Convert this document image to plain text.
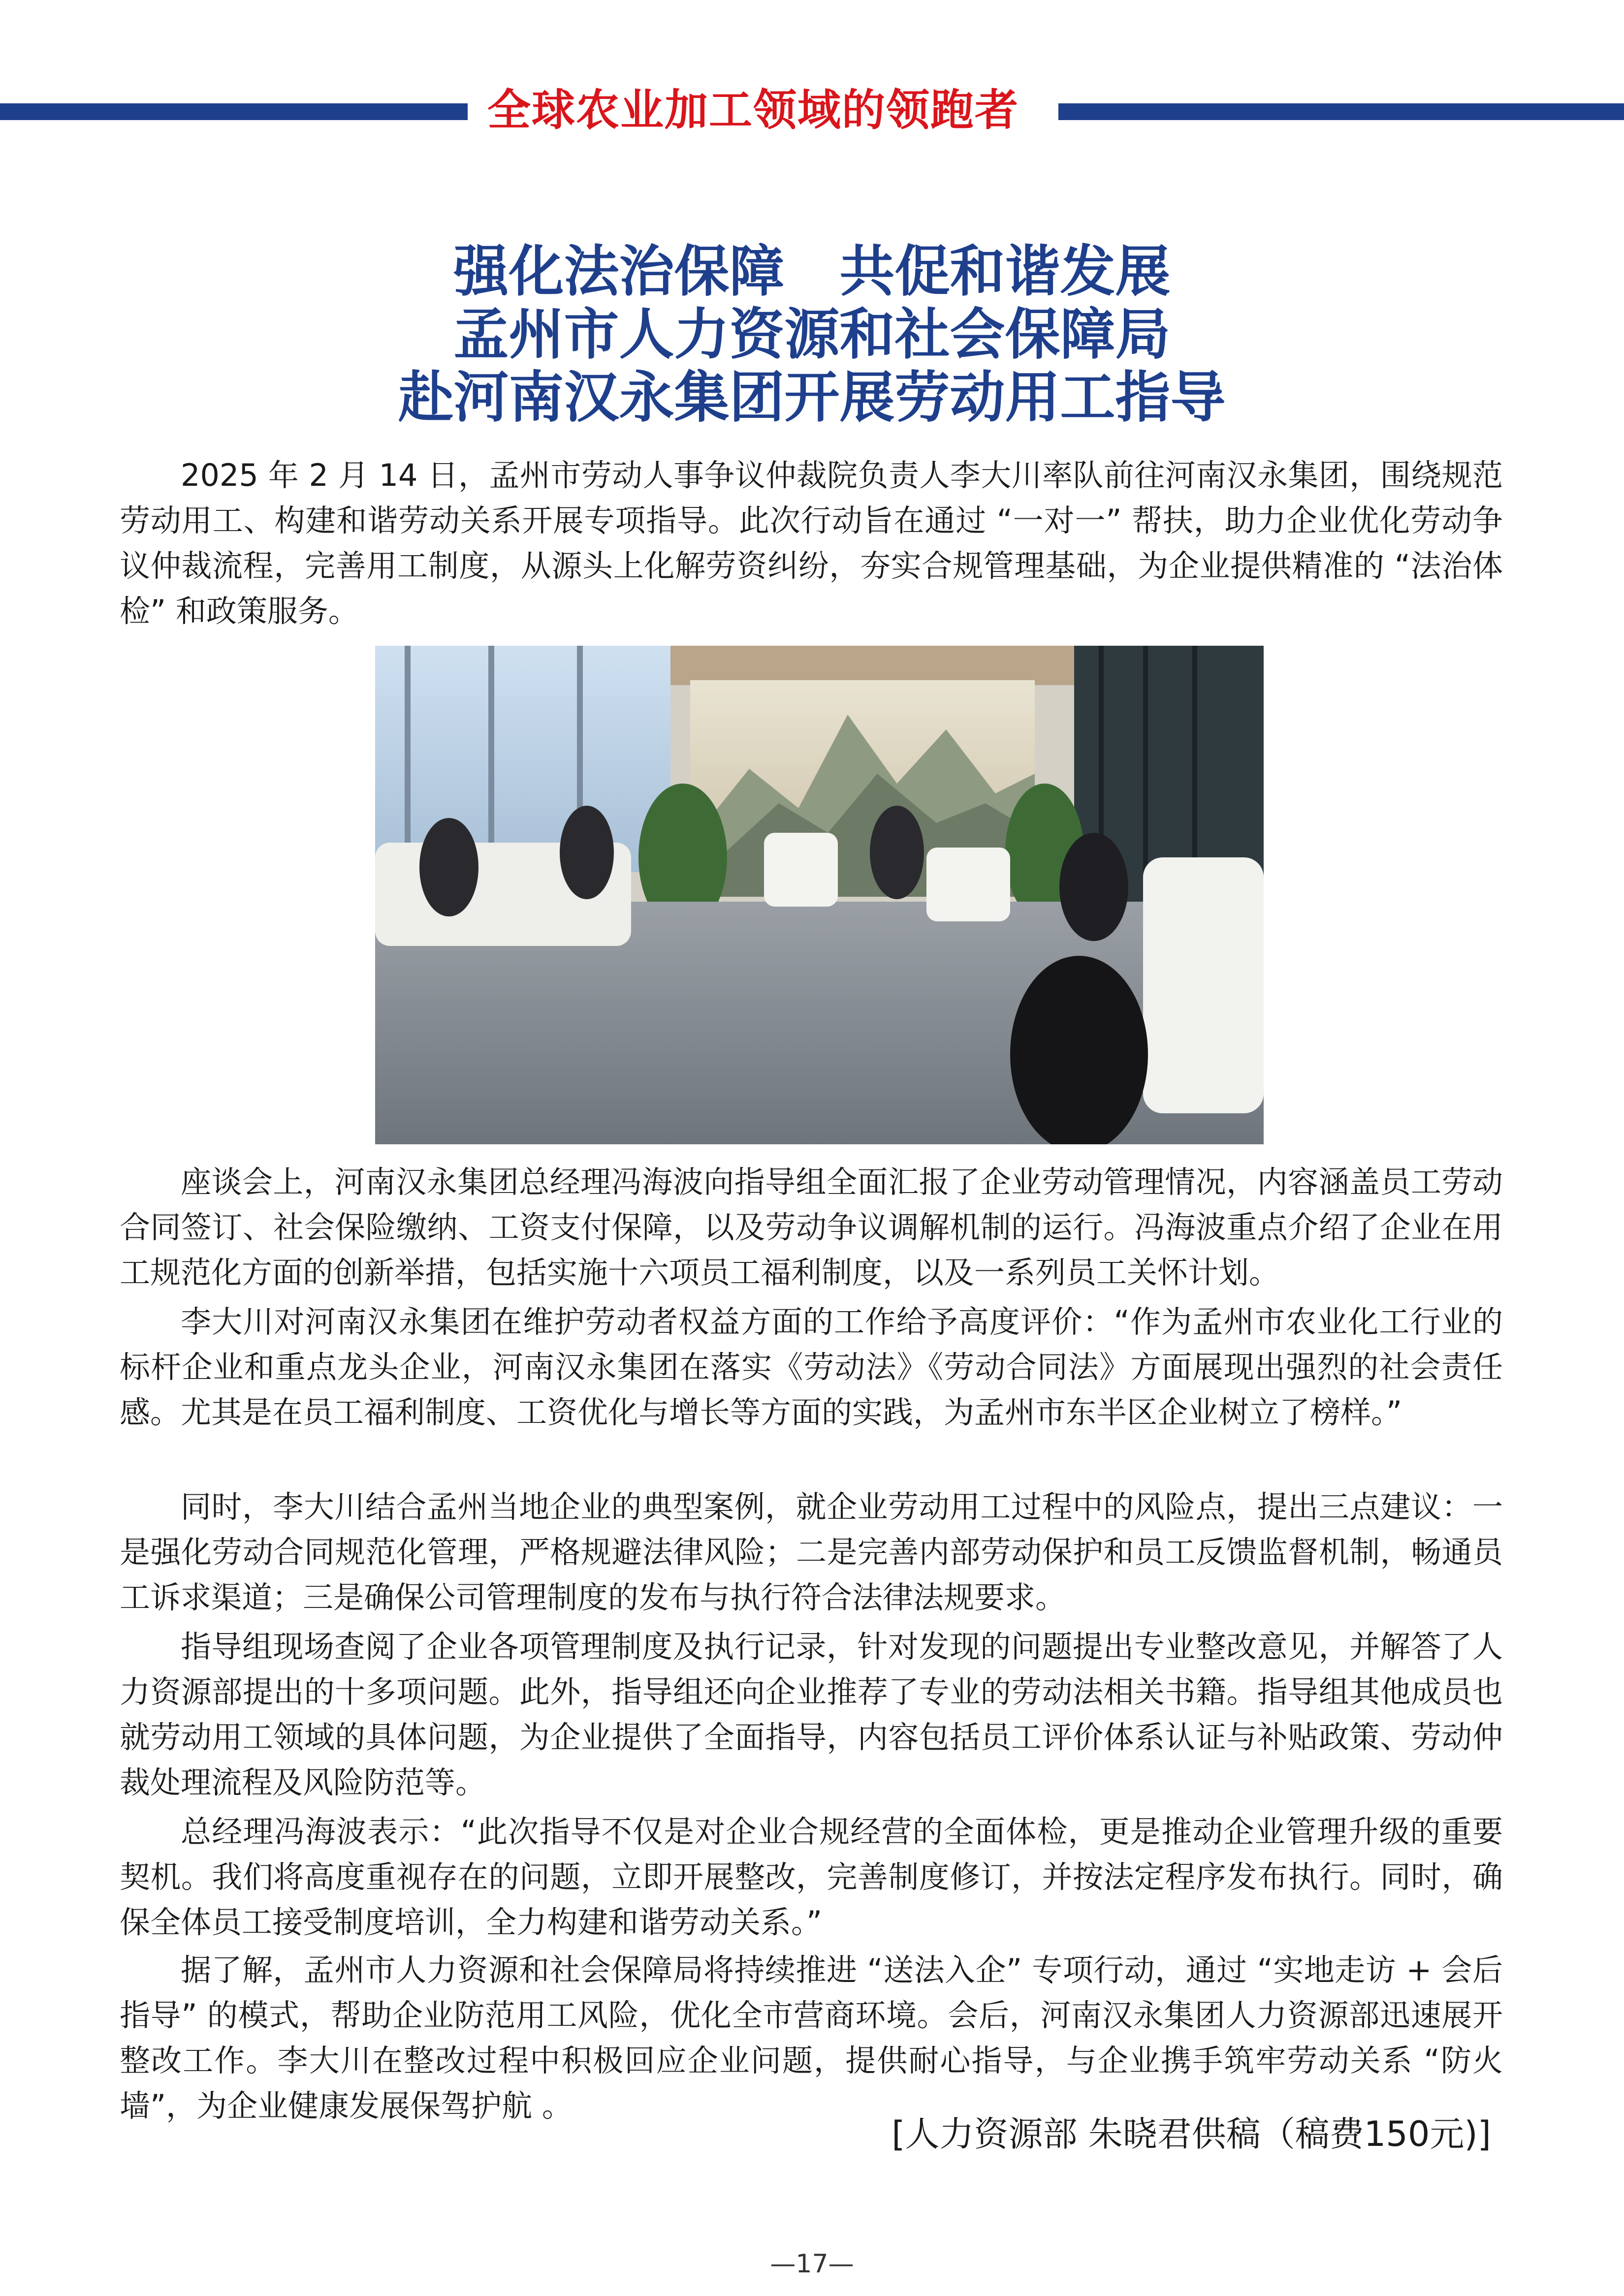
全球农业加工领域的领跑者
强化法治保障　共促和谐发展
孟州市人力资源和社会保障局
赴河南汉永集团开展劳动用工指导

2025 年 2 月 14 日，孟州市劳动人事争议仲裁院负责人李大川率队前往河南汉永集团，围绕规范劳动用工、构建和谐劳动关系开展专项指导。此次行动旨在通过 “一对一” 帮扶，助力企业优化劳动争议仲裁流程，完善用工制度，从源头上化解劳资纠纷，夯实合规管理基础，为企业提供精准的 “法治体检” 和政策服务。

座谈会上，河南汉永集团总经理冯海波向指导组全面汇报了企业劳动管理情况，内容涵盖员工劳动合同签订、社会保险缴纳、工资支付保障，以及劳动争议调解机制的运行。冯海波重点介绍了企业在用工规范化方面的创新举措，包括实施十六项员工福利制度，以及一系列员工关怀计划。

李大川对河南汉永集团在维护劳动者权益方面的工作给予高度评价：“作为孟州市农业化工行业的标杆企业和重点龙头企业，河南汉永集团在落实《劳动法》《劳动合同法》方面展现出强烈的社会责任感。尤其是在员工福利制度、工资优化与增长等方面的实践，为孟州市东半区企业树立了榜样。”

同时，李大川结合孟州当地企业的典型案例，就企业劳动用工过程中的风险点，提出三点建议：一是强化劳动合同规范化管理，严格规避法律风险；二是完善内部劳动保护和员工反馈监督机制，畅通员工诉求渠道；三是确保公司管理制度的发布与执行符合法律法规要求。

指导组现场查阅了企业各项管理制度及执行记录，针对发现的问题提出专业整改意见，并解答了人力资源部提出的十多项问题。此外，指导组还向企业推荐了专业的劳动法相关书籍。指导组其他成员也就劳动用工领域的具体问题，为企业提供了全面指导，内容包括员工评价体系认证与补贴政策、劳动仲裁处理流程及风险防范等。

总经理冯海波表示：“此次指导不仅是对企业合规经营的全面体检，更是推动企业管理升级的重要契机。我们将高度重视存在的问题，立即开展整改，完善制度修订，并按法定程序发布执行。同时，确保全体员工接受制度培训，全力构建和谐劳动关系。”

据了解，孟州市人力资源和社会保障局将持续推进 “送法入企” 专项行动，通过 “实地走访 + 会后指导” 的模式，帮助企业防范用工风险，优化全市营商环境。会后，河南汉永集团人力资源部迅速展开整改工作。李大川在整改过程中积极回应企业问题，提供耐心指导，与企业携手筑牢劳动关系 “防火墙”，为企业健康发展保驾护航 。

[人力资源部 朱晓君供稿（稿费150元)]

—17—
